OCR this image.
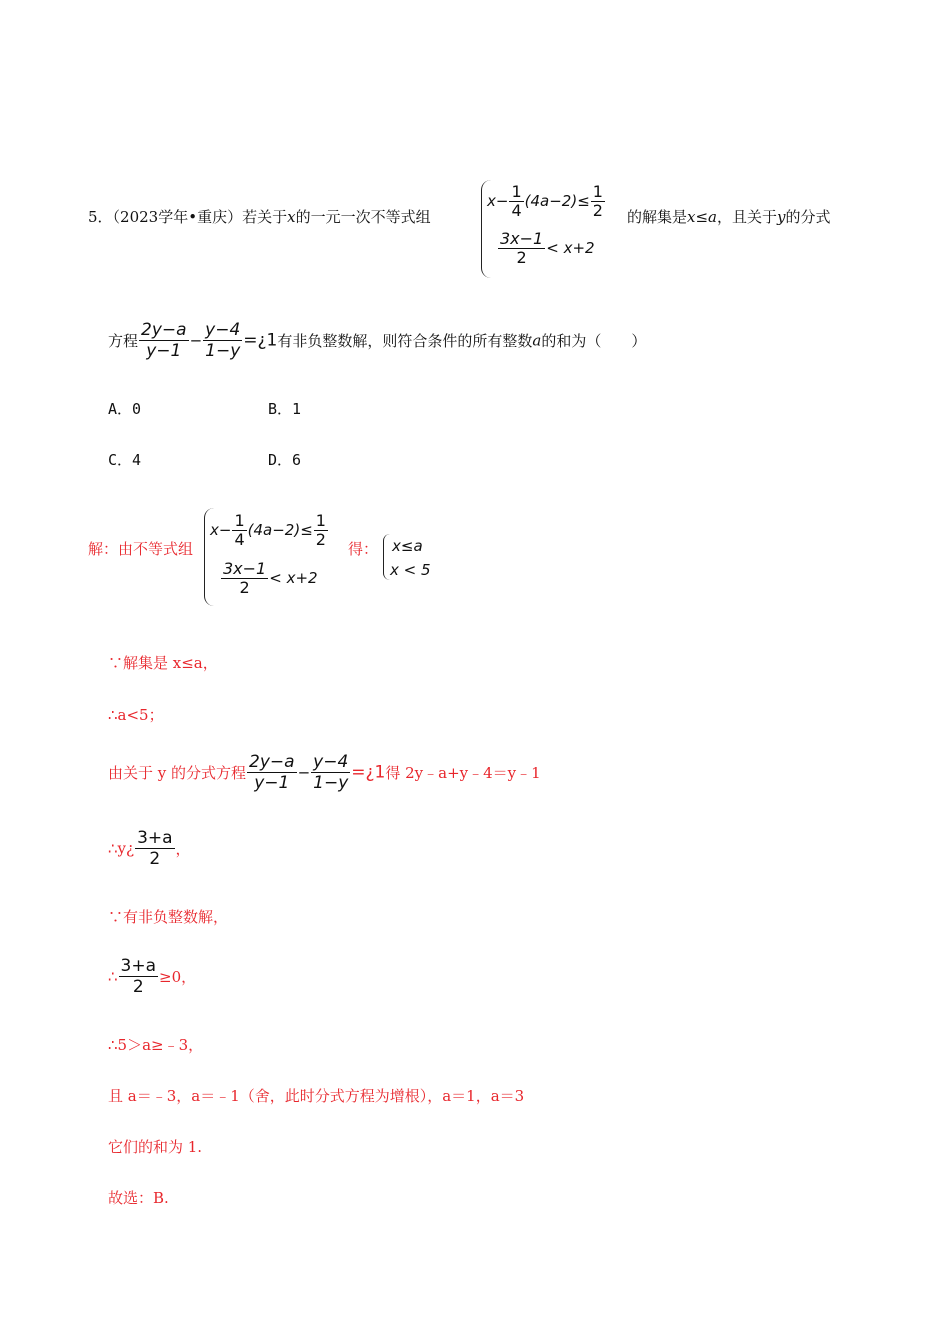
5．（2023学年•重庆）若关于x的一元一次不等式组
$x- \frac{1}{4} (4a-2)\le \frac{1}{2}$
$\frac{3x-1}{2} < x+2$
的解集是x≤a，且关于y的分式
方程 $\frac{2y-a}{y-1} - \frac{y-4}{1-y}$ =¿1有非负整数解，则符合条件的所有整数a的和为（　　）
A．0	B．1
C．4	D．6
解：由不等式组
$x- \frac{1}{4} (4a-2)\le \frac{1}{2}$
$\frac{3x-1}{2} < x+2$
得： x≤a
x < 5
∵解集是 x≤a，
∴a<5；
由关于 y 的分式方程 $\frac{2y-a}{y-1} - \frac{y-4}{1-y}$ =¿1得 2y﹣a+y﹣4＝y﹣1
∴y¿ $\frac{3+a}{2}$ ，
∵有非负整数解，
∴ $\frac{3+a}{2} \ge 0$，
∴5＞a≥﹣3，
且 a＝﹣3，a＝﹣1（舍，此时分式方程为增根），a＝1，a＝3
它们的和为 1.
故选：B.
